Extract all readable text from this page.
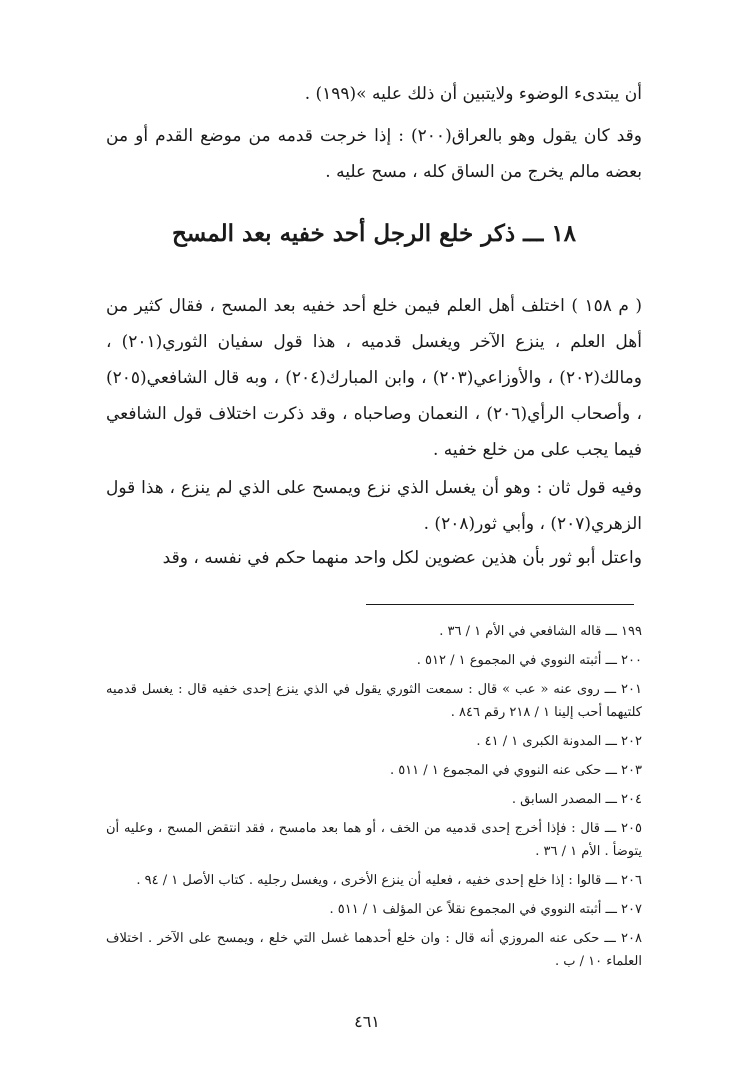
أن يبتدىء الوضوء ولايتبين أن ذلك عليه »(١٩٩) .

وقد كان يقول وهو بالعراق(٢٠٠) : إذا خرجت قدمه من موضع القدم أو من بعضه مالم يخرج من الساق كله ، مسح عليه .

١٨ ـــ ذكر خلع الرجل أحد خفيه بعد المسح

( م ١٥٨ ) اختلف أهل العلم فيمن خلع أحد خفيه بعد المسح ، فقال كثير من أهل العلم ، ينزع الآخر ويغسل قدميه ، هذا قول سفيان الثوري(٢٠١) ، ومالك(٢٠٢) ، والأوزاعي(٢٠٣) ، وابن المبارك(٢٠٤) ، وبه قال الشافعي(٢٠٥) ، وأصحاب الرأي(٢٠٦) ، النعمان وصاحباه ، وقد ذكرت اختلاف قول الشافعي فيما يجب على من خلع خفيه .

وفيه قول ثان : وهو أن يغسل الذي نزع ويمسح على الذي لم ينزع ، هذا قول الزهري(٢٠٧) ، وأبي ثور(٢٠٨) .

واعتل أبو ثور بأن هذين عضوين لكل واحد منهما حكم في نفسه ، وقد

١٩٩ ـــ قاله الشافعي في الأم ١ / ٣٦ .

٢٠٠ ـــ أثبته النووي في المجموع ١ / ٥١٢ .

٢٠١ ـــ روى عنه « عب » قال : سمعت الثوري يقول في الذي ينزع إحدى خفيه قال : يغسل قدميه كلتيهما أحب إلينا ١ / ٢١٨ رقم ٨٤٦ .

٢٠٢ ـــ المدونة الكبرى ١ / ٤١ .

٢٠٣ ـــ حكى عنه النووي في المجموع ١ / ٥١١ .

٢٠٤ ـــ المصدر السابق .

٢٠٥ ـــ قال : فإذا أخرج إحدى قدميه من الخف ، أو هما بعد مامسح ، فقد انتقض المسح ، وعليه أن يتوضأ . الأم ١ / ٣٦ .

٢٠٦ ـــ قالوا : إذا خلع إحدى خفيه ، فعليه أن ينزع الأخرى ، ويغسل رجليه . كتاب الأصل ١ / ٩٤ .

٢٠٧ ـــ أثبته النووي في المجموع نقلاً عن المؤلف ١ / ٥١١ .

٢٠٨ ـــ حكى عنه المروزي أنه قال : وان خلع أحدهما غسل التي خلع ، ويمسح على الآخر . اختلاف العلماء ١٠ / ب .

٤٦١
